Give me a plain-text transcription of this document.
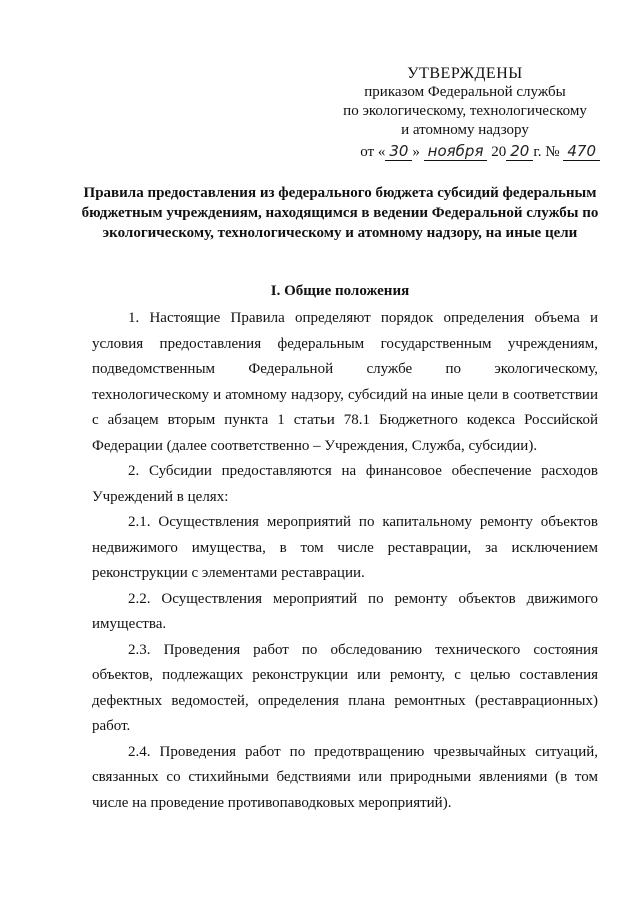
УТВЕРЖДЕНЫ
приказом Федеральной службы
по экологическому, технологическому
и атомному надзору
от « 30 » ноября 20 20 г. № 470
Правила предоставления из федерального бюджета субсидий федеральным бюджетным учреждениям, находящимся в ведении Федеральной службы по экологическому, технологическому и атомному надзору, на иные цели
I. Общие положения

1. Настоящие Правила определяют порядок определения объема и условия предоставления федеральным государственным учреждениям, подведомственным Федеральной службе по экологическому, технологическому и атомному надзору, субсидий на иные цели в соответствии с абзацем вторым пункта 1 статьи 78.1 Бюджетного кодекса Российской Федерации (далее соответственно – Учреждения, Служба, субсидии).

2. Субсидии предоставляются на финансовое обеспечение расходов Учреждений в целях:

2.1. Осуществления мероприятий по капитальному ремонту объектов недвижимого имущества, в том числе реставрации, за исключением реконструкции с элементами реставрации.

2.2. Осуществления мероприятий по ремонту объектов движимого имущества.

2.3. Проведения работ по обследованию технического состояния объектов, подлежащих реконструкции или ремонту, с целью составления дефектных ведомостей, определения плана ремонтных (реставрационных) работ.

2.4. Проведения работ по предотвращению чрезвычайных ситуаций, связанных со стихийными бедствиями или природными явлениями (в том числе на проведение противопаводковых мероприятий).
